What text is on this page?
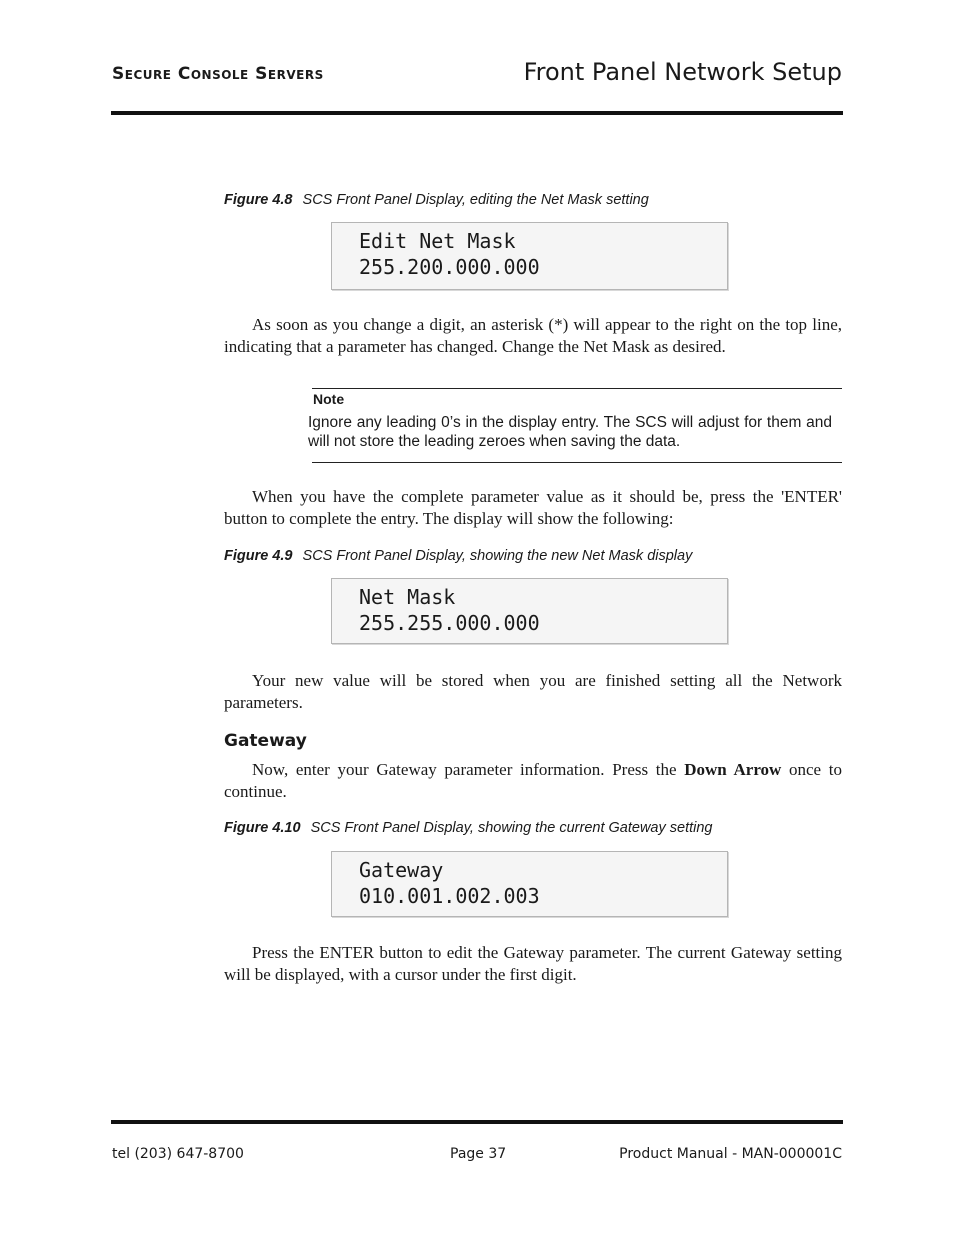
Secure Console Servers	Front Panel Network Setup
Figure 4.8 SCS Front Panel Display, editing the Net Mask setting
Edit Net Mask
255.200.000.000
As soon as you change a digit, an asterisk (*) will appear to the right on the top line, indicating that a parameter has changed. Change the Net Mask as desired.
Note
Ignore any leading 0’s in the display entry. The SCS will adjust for them and will not store the leading zeroes when saving the data.
When you have the complete parameter value as it should be, press the 'ENTER' button to complete the entry. The display will show the following:
Figure 4.9 SCS Front Panel Display, showing the new Net Mask display
Net Mask
255.255.000.000
Your new value will be stored when you are finished setting all the Network parameters.
Gateway
Now, enter your Gateway parameter information. Press the Down Arrow once to continue.
Figure 4.10 SCS Front Panel Display, showing the current Gateway setting
Gateway
010.001.002.003
Press the ENTER button to edit the Gateway parameter. The current Gateway setting will be displayed, with a cursor under the first digit.
tel (203) 647-8700	Page 37	Product Manual - MAN-000001C
